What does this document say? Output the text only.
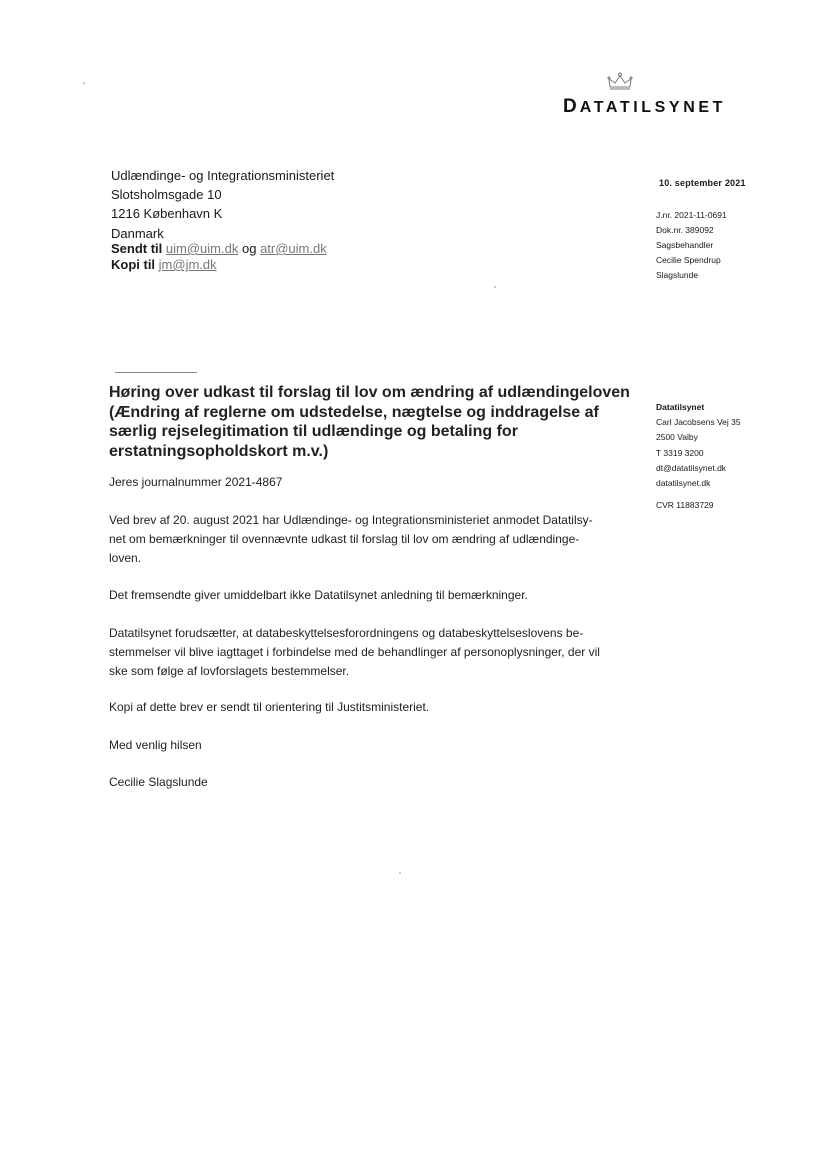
DATATILSYNET
Udlændinge- og Integrationsministeriet
Slotsholmsgade 10
1216 København K
Danmark
Sendt til uim@uim.dk og atr@uim.dk
Kopi til jm@jm.dk
10. september 2021
J.nr. 2021-11-0691
Dok.nr. 389092
Sagsbehandler
Cecilie Spendrup
Slagslunde
Datatilsynet
Carl Jacobsens Vej 35
2500 Valby
T 3319 3200
dt@datatilsynet.dk
datatilsynet.dk
CVR 11883729
Høring over udkast til forslag til lov om ændring af udlændingeloven
(Ændring af reglerne om udstedelse, nægtelse og inddragelse af
særlig rejselegitimation til udlændinge og betaling for
erstatningsopholdskort m.v.)
Jeres journalnummer 2021-4867
Ved brev af 20. august 2021 har Udlændinge- og Integrationsministeriet anmodet Datatilsy-
net om bemærkninger til ovennævnte udkast til forslag til lov om ændring af udlændinge-
loven.
Det fremsendte giver umiddelbart ikke Datatilsynet anledning til bemærkninger.
Datatilsynet forudsætter, at databeskyttelsesforordningens og databeskyttelseslovens be-
stemmelser vil blive iagttaget i forbindelse med de behandlinger af personoplysninger, der vil
ske som følge af lovforslagets bestemmelser.
Kopi af dette brev er sendt til orientering til Justitsministeriet.
Med venlig hilsen
Cecilie Slagslunde
